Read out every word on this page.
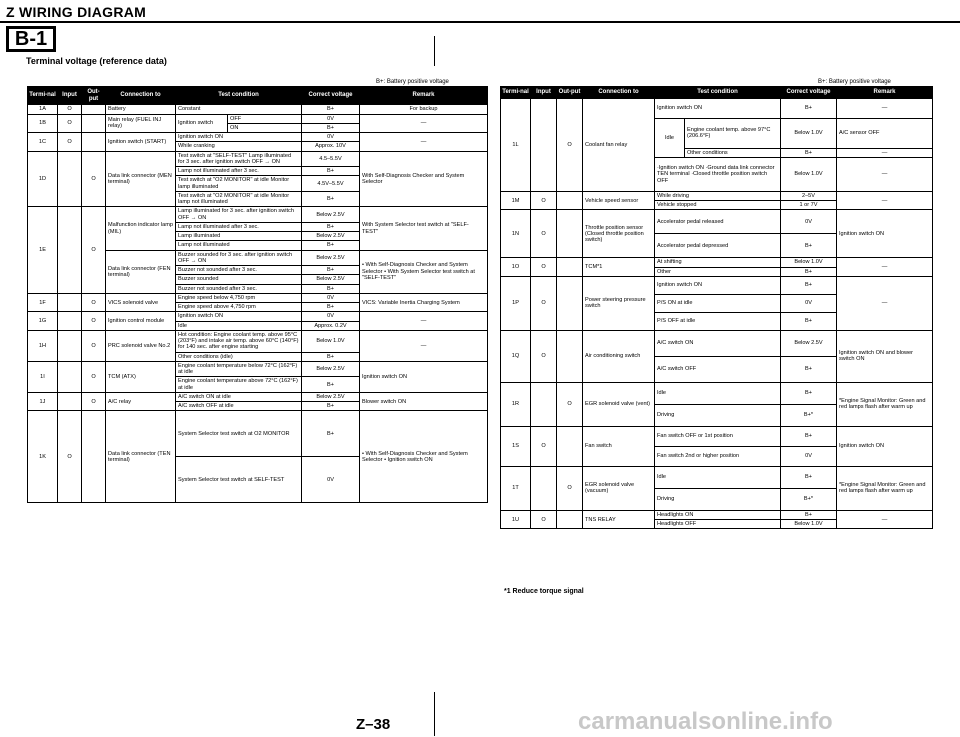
Z WIRING DIAGRAM
B-1
Terminal voltage (reference data)
B+: Battery positive voltage	B+: Battery positive voltage
Termi-nal	Input	Out-put	Connection to	Test condition		Correct voltage	Remark
1A	O		Battery	Constant		B+	For backup
1B	O		Main relay (FUEL INJ relay)	Ignition switch	OFF	0V	—
					ON	B+	
1C	O		Ignition switch (START)	Ignition switch ON		0V	—
				While cranking		Approx. 10V	
1D		O	Data link connector (MEN terminal)	Test switch at "SELF-TEST" Lamp illuminated for 3 sec. after ignition switch OFF → ON		4.5–5.5V	With Self-Diagnosis Checker and System Selector
				Lamp not illuminated after 3 sec.		B+	
				Test switch at "O2 MONITOR" at idle Monitor lamp illuminated		4.5V–5.5V	
				Test switch at "O2 MONITOR" at idle Monitor lamp not illuminated		B+	
1E		O	Malfunction indicator lamp (MIL)	Lamp illuminated for 3 sec. after ignition switch OFF → ON		Below 2.5V	With System Selector test switch at "SELF-TEST"
				Lamp not illuminated after 3 sec.		B+	
				Lamp illuminated		Below 2.5V	
				Lamp not illuminated		B+	
			Data link connector (FEN terminal)	Buzzer sounded for 3 sec. after ignition switch OFF → ON		Below 2.5V	• With Self-Diagnosis Checker and System Selector • With System Selector test switch at "SELF-TEST"
				Buzzer not sounded after 3 sec.		B+	
				Buzzer sounded		Below 2.5V	
				Buzzer not sounded after 3 sec.		B+	
1F		O	VICS solenoid valve	Engine speed below 4,750 rpm		0V	VICS: Variable Inertia Charging System
				Engine speed above 4,750 rpm		B+	
1G		O	Ignition control module	Ignition switch ON		0V	—
				Idle		Approx. 0.2V	
1H		O	PRC solenoid valve No.2	Hot condition: Engine coolant temp. above 95°C (203°F) and intake air temp. above 60°C (140°F) for 140 sec. after engine starting		Below 1.0V	—
				Other conditions (idle)		B+	
1I		O	TCM (ATX)	Engine coolant temperature below 72°C (162°F) at idle		Below 2.5V	Ignition switch ON
				Engine coolant temperature above 72°C (162°F) at idle		B+	
1J		O	A/C relay	A/C switch ON at idle		Below 2.5V	Blower switch ON
				A/C switch OFF at idle		B+	
1K	O		Data link connector (TEN terminal)	System Selector test switch at O2 MONITOR		B+	• With Self-Diagnosis Checker and System Selector • Ignition switch ON
				System Selector test switch at SELF-TEST		0V	
Termi-nal	Input	Out-put	Connection to	Test condition		Correct voltage	Remark
1L		O	Coolant fan relay	Ignition switch ON		B+	—
				Idle	Engine coolant temp. above 97°C (206.6°F)	Below 1.0V	A/C sensor OFF
					Other conditions	B+	—
				·Ignition switch ON ·Ground data link connector TEN terminal ·Closed throttle position switch OFF		Below 1.0V	—
1M	O		Vehicle speed sensor	While driving		2–5V	—
				Vehicle stopped		1 or 7V	
1N	O		Throttle position sensor (Closed throttle position switch)	Accelerator pedal released		0V	Ignition switch ON
				Accelerator pedal depressed		B+	
1O	O		TCM*1	At shifting		Below 1.0V	—
				Other		B+	
1P	O		Power steering pressure switch	Ignition switch ON		B+	—
				P/S ON at idle		0V	
				P/S OFF at idle		B+	
1Q	O		Air conditioning switch	A/C switch ON		Below 2.5V	Ignition switch ON and blower switch ON
				A/C switch OFF		B+	
1R		O	EGR solenoid valve (vent)	Idle		B+	*Engine Signal Monitor: Green and red lamps flash after warm up
				Driving		B+*	
1S	O		Fan switch	Fan switch OFF or 1st position		B+	Ignition switch ON
				Fan switch 2nd or higher position		0V	
1T		O	EGR solenoid valve (vacuum)	Idle		B+	*Engine Signal Monitor: Green and red lamps flash after warm up
				Driving		B+*	
1U	O		TNS RELAY	Headlights ON		B+	—
				Headlights OFF		Below 1.0V	
*1 Reduce torque signal
Z–38	carmanualsonline.info
